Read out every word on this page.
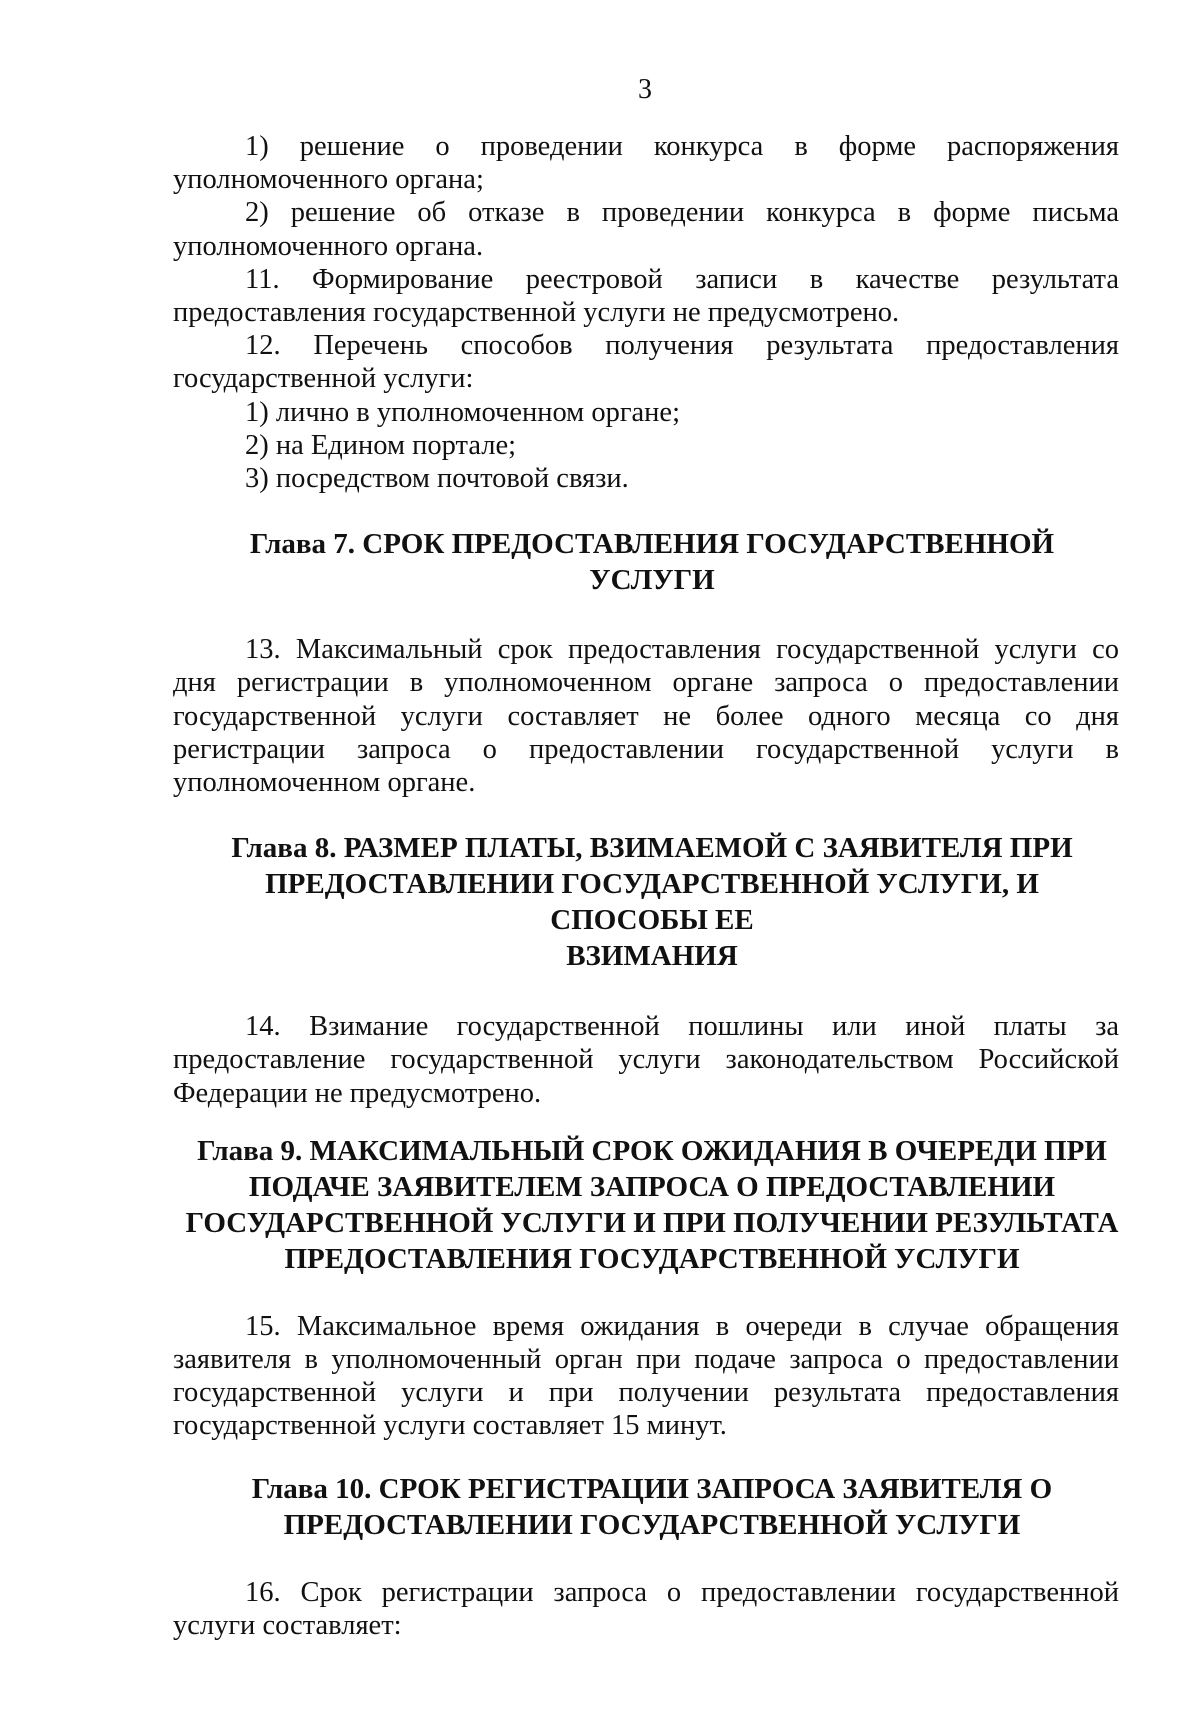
3

1) решение о проведении конкурса в форме распоряжения уполномоченного органа;

2) решение об отказе в проведении конкурса в форме письма уполномоченного органа.

11. Формирование реестровой записи в качестве результата предоставления государственной услуги не предусмотрено.

12. Перечень способов получения результата предоставления государственной услуги:

1) лично в уполномоченном органе;

2) на Едином портале;

3) посредством почтовой связи.

Глава 7. СРОК ПРЕДОСТАВЛЕНИЯ ГОСУДАРСТВЕННОЙ УСЛУГИ

13. Максимальный срок предоставления государственной услуги со дня регистрации в уполномоченном органе запроса о предоставлении государственной услуги составляет не более одного месяца со дня регистрации запроса о предоставлении государственной услуги в уполномоченном органе.

Глава 8. РАЗМЕР ПЛАТЫ, ВЗИМАЕМОЙ С ЗАЯВИТЕЛЯ ПРИ
ПРЕДОСТАВЛЕНИИ ГОСУДАРСТВЕННОЙ УСЛУГИ, И СПОСОБЫ ЕЕ
ВЗИМАНИЯ

14. Взимание государственной пошлины или иной платы за предоставление государственной услуги законодательством Российской Федерации не предусмотрено.

Глава 9. МАКСИМАЛЬНЫЙ СРОК ОЖИДАНИЯ В ОЧЕРЕДИ ПРИ
ПОДАЧЕ ЗАЯВИТЕЛЕМ ЗАПРОСА О ПРЕДОСТАВЛЕНИИ
ГОСУДАРСТВЕННОЙ УСЛУГИ И ПРИ ПОЛУЧЕНИИ РЕЗУЛЬТАТА
ПРЕДОСТАВЛЕНИЯ ГОСУДАРСТВЕННОЙ УСЛУГИ

15. Максимальное время ожидания в очереди в случае обращения заявителя в уполномоченный орган при подаче запроса о предоставлении государственной услуги и при получении результата предоставления государственной услуги составляет 15 минут.

Глава 10. СРОК РЕГИСТРАЦИИ ЗАПРОСА ЗАЯВИТЕЛЯ О
ПРЕДОСТАВЛЕНИИ ГОСУДАРСТВЕННОЙ УСЛУГИ

16. Срок регистрации запроса о предоставлении государственной услуги составляет:
